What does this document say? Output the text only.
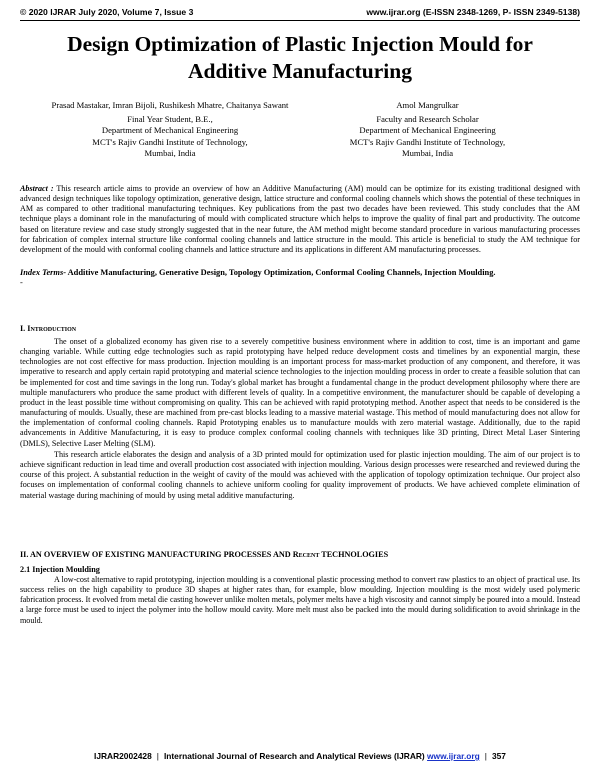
© 2020 IJRAR July 2020, Volume 7, Issue 3	www.ijrar.org (E-ISSN 2348-1269, P- ISSN 2349-5138)
Design Optimization of Plastic Injection Mould for Additive Manufacturing
Prasad Mastakar, Imran Bijoli, Rushikesh Mhatre, Chaitanya Sawant
Final Year Student, B.E.,
Department of Mechanical Engineering
MCT's Rajiv Gandhi Institute of Technology,
Mumbai, India
Amol Mangrulkar
Faculty and Research Scholar
Department of Mechanical Engineering
MCT's Rajiv Gandhi Institute of Technology,
Mumbai, India
Abstract : This research article aims to provide an overview of how an Additive Manufacturing (AM) mould can be optimize for its existing traditional designed with advanced design techniques like topology optimization, generative design, lattice structure and conformal cooling channels which shows the potential of these techniques in AM as compared to other traditional manufacturing techniques. Key publications from the past two decades have been reviewed. This study concludes that the AM technique plays a dominant role in the manufacturing of mould with complicated structure which helps to improve the quality of final part and productivity. The outcome based on literature review and case study strongly suggested that in the near future, the AM method might become standard procedure in various manufacturing processes for fabrication of complex internal structure like conformal cooling channels and lattice structure in the mould. This article is beneficial to study the AM technique for development of the mould with conformal cooling channels and lattice structure and its applications in different AM manufacturing processes.
Index Terms- Additive Manufacturing, Generative Design, Topology Optimization, Conformal Cooling Channels, Injection Moulding.
-
I. Introduction
The onset of a globalized economy has given rise to a severely competitive business environment where in addition to cost, time is an important and game changing variable. While cutting edge technologies such as rapid prototyping have helped reduce development costs and timelines by an exponential margin, these technologies are not cost effective for mass production. Injection moulding is an important process for mass-market production of any component, and therefore, it was imperative to research and apply certain rapid prototyping and material science technologies to the injection moulding process in order to create a feasible solution that can be implemented for cost and time savings in the long run. Today's global market has brought a fundamental change in the product development philosophy where there are multiple manufacturers who produce the same product with different levels of quality. In a competitive environment, the manufacturer should be capable of developing a product in the least possible time without compromising on quality. This can be achieved with rapid prototyping method. Another aspect that needs to be considered is the manufacturing of moulds. Usually, these are machined from pre-cast blocks leading to a massive material wastage. This method of mould manufacturing does not allow for the implementation of conformal cooling channels. Rapid Prototyping enables us to manufacture moulds with zero material wastage. Additionally, due to the rapid advancements in Additive Manufacturing, it is easy to produce complex conformal cooling channels with techniques like 3D printing, Direct Metal Laser Sintering (DMLS), Selective Laser Melting (SLM).
This research article elaborates the design and analysis of a 3D printed mould for optimization used for plastic injection moulding. The aim of our project is to achieve significant reduction in lead time and overall production cost associated with injection moulding. Various design processes were researched and reviewed during the course of this project. A substantial reduction in the weight of cavity of the mould was achieved with the application of topology optimization technique. Our project also focuses on implementation of conformal cooling channels to achieve uniform cooling for quality improvement of products. We have achieved complete elimination of material wastage during machining of mould by using metal additive manufacturing.
II. AN OVERVIEW OF EXISTING MANUFACTURING PROCESSES AND Recent TECHNOLOGIES
2.1 Injection Moulding
A low-cost alternative to rapid prototyping, injection moulding is a conventional plastic processing method to convert raw plastics to an object of practical use. Its success relies on the high capability to produce 3D shapes at higher rates than, for example, blow moulding. Injection moulding is the most widely used polymeric fabrication process. It evolved from metal die casting however unlike molten metals, polymer melts have a high viscosity and cannot simply be poured into a mould. Instead a large force must be used to inject the polymer into the hollow mould cavity. More melt must also be packed into the mould during solidification to avoid shrinkage in the mould.
IJRAR2002428 | International Journal of Research and Analytical Reviews (IJRAR) www.ijrar.org | 357
